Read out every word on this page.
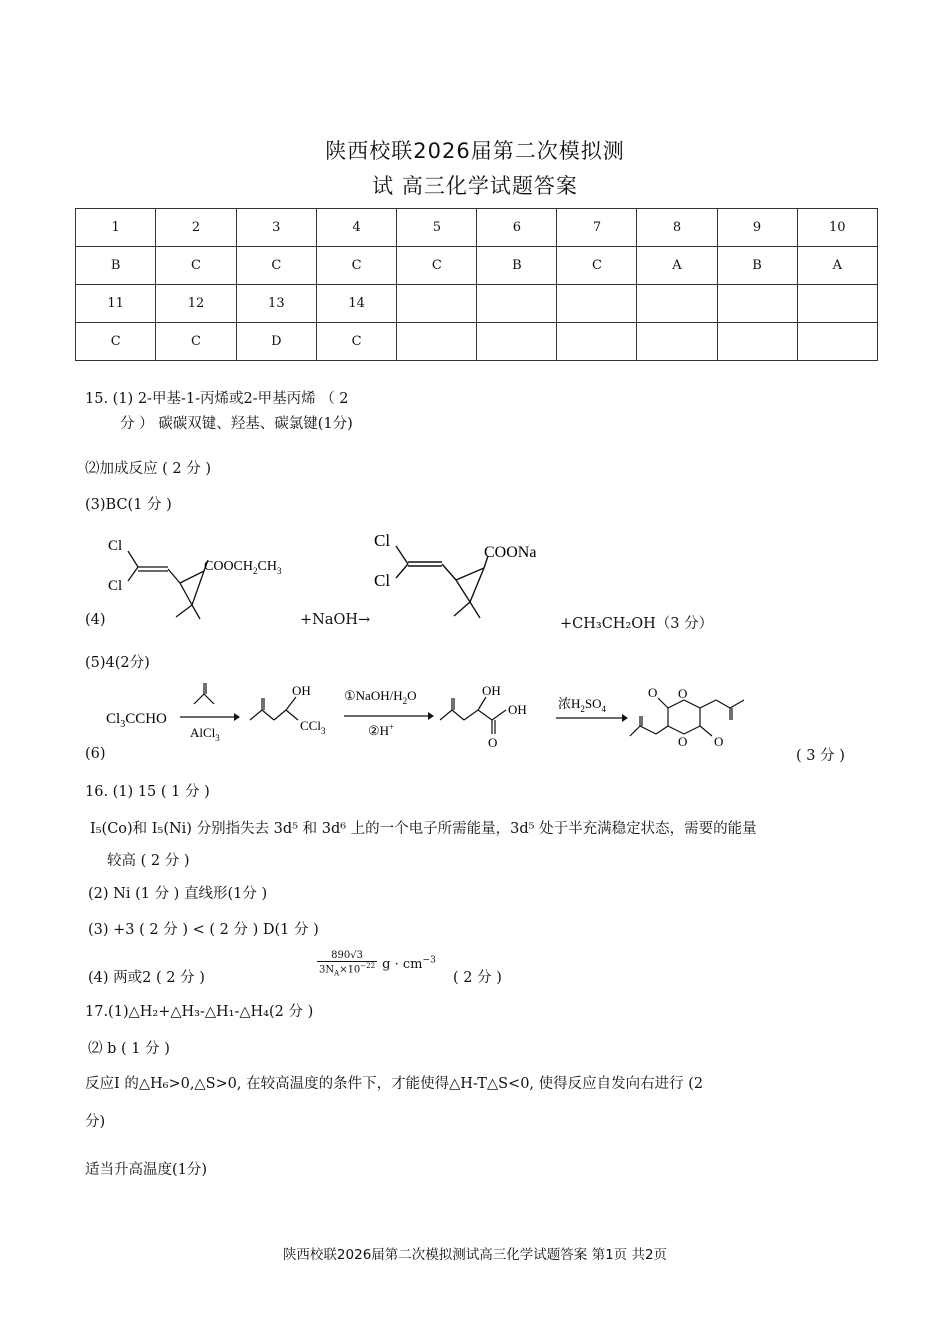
陕西校联2026届第二次模拟测
试 高三化学试题答案
1	2	3	4	5	6	7	8	9	10
B	C	C	C	C	B	C	A	B	A
11	12	13	14						
C	C	D	C						
15. (1) 2-甲基-1-丙烯或2-甲基丙烯 （ 2
分 ） 碳碳双键、羟基、碳氯键(1分)
⑵加成反应 ( 2 分 )
(3)BC(1 分 )
Cl
Cl
$COOCH_2CH_3$
(4)	+NaOH→
Cl
Cl
COONa
+CH₃CH₂OH（3 分）
(5)4(2分)
$Cl_3CCHO$
AlCl$_3$
OH
CCl$_3$
①NaOH/$H_2O$
②H+
OH
O
OH 浓$H_2SO_4$
O O
O O
(6)	( 3 分 )
16. (1) 15 ( 1 分 )
I₅(Co)和 I₅(Ni) 分别指失去 3d⁵ 和 3d⁶ 上的一个电子所需能量，3d⁵ 处于半充满稳定状态，需要的能量
较高 ( 2 分 )
(2) Ni (1 分 ) 直线形(1分 )
(3) +3 ( 2 分 ) < ( 2 分 ) D(1 分 )
(4) 两或2 ( 2 分 )
$\frac{890√3}{3N_A\times 10^{-22}}$ $g \cdot cm^{-3}$
( 2 分 )
17.(1)△H₂+△H₃-△H₁-△H₄(2 分 )
⑵ b ( 1 分 )
反应Ⅰ 的△H₆>0,△S>0, 在较高温度的条件下，才能使得△H-T△S<0, 使得反应自发向右进行 (2
分)
适当升高温度(1分)
陕西校联2026届第二次模拟测试高三化学试题答案 第1页 共2页
